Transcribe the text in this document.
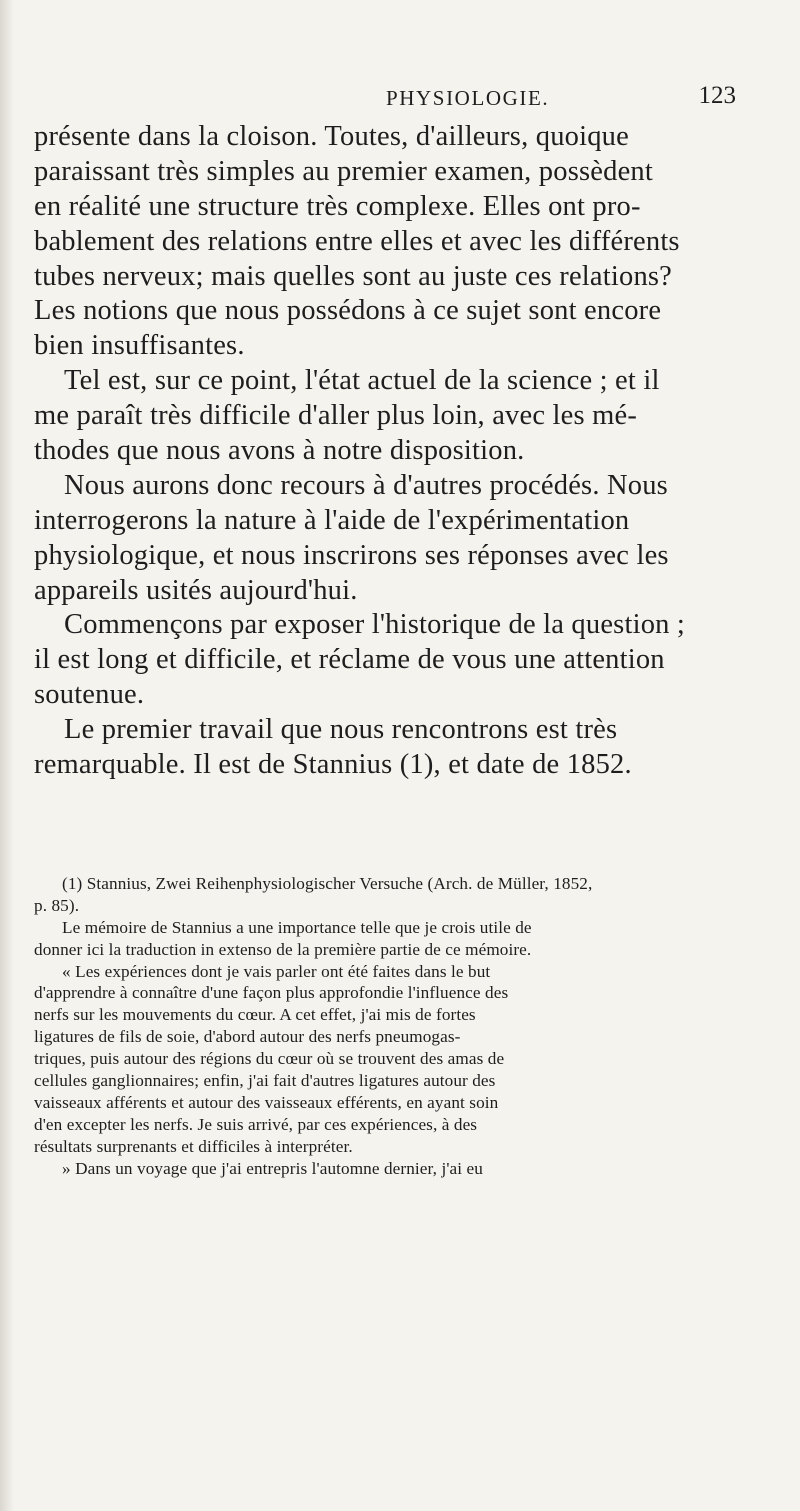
PHYSIOLOGIE.	123
présente dans la cloison. Toutes, d'ailleurs, quoique
paraissant très simples au premier examen, possèdent
en réalité une structure très complexe. Elles ont pro-
bablement des relations entre elles et avec les différents
tubes nerveux; mais quelles sont au juste ces relations?
Les notions que nous possédons à ce sujet sont encore
bien insuffisantes.
Tel est, sur ce point, l'état actuel de la science ; et il
me paraît très difficile d'aller plus loin, avec les mé-
thodes que nous avons à notre disposition.
Nous aurons donc recours à d'autres procédés. Nous
interrogerons la nature à l'aide de l'expérimentation
physiologique, et nous inscrirons ses réponses avec les
appareils usités aujourd'hui.
Commençons par exposer l'historique de la question ;
il est long et difficile, et réclame de vous une attention
soutenue.
Le premier travail que nous rencontrons est très
remarquable. Il est de Stannius (1), et date de 1852.
(1) Stannius, Zwei Reihenphysiologischer Versuche (Arch. de Müller, 1852,
p. 85).
Le mémoire de Stannius a une importance telle que je crois utile de
donner ici la traduction in extenso de la première partie de ce mémoire.
« Les expériences dont je vais parler ont été faites dans le but
d'apprendre à connaître d'une façon plus approfondie l'influence des
nerfs sur les mouvements du cœur. A cet effet, j'ai mis de fortes
ligatures de fils de soie, d'abord autour des nerfs pneumogas-
triques, puis autour des régions du cœur où se trouvent des amas de
cellules ganglionnaires; enfin, j'ai fait d'autres ligatures autour des
vaisseaux afférents et autour des vaisseaux efférents, en ayant soin
d'en excepter les nerfs. Je suis arrivé, par ces expériences, à des
résultats surprenants et difficiles à interpréter.
» Dans un voyage que j'ai entrepris l'automne dernier, j'ai eu
